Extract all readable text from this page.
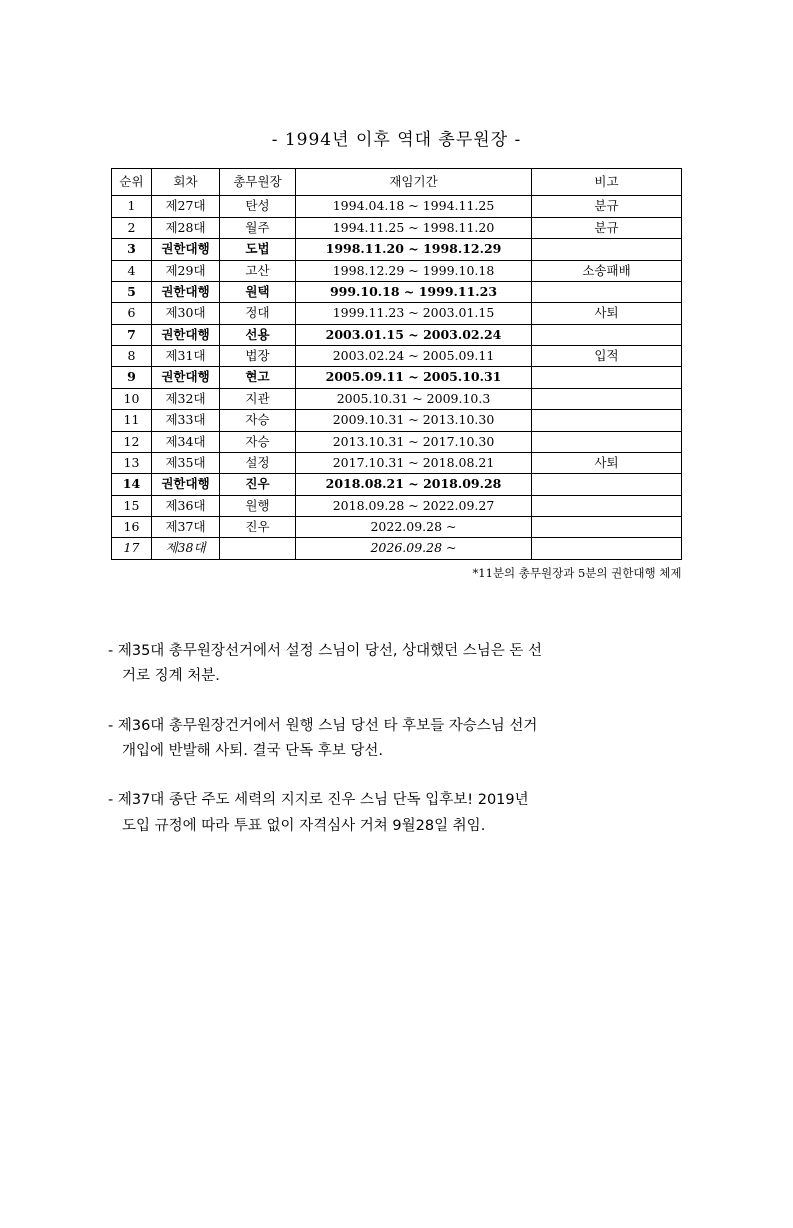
- 1994년 이후 역대 총무원장 -
순위	회차	총무원장	재임기간	비고
1	제27대	탄성	1994.04.18 ~ 1994.11.25	분규
2	제28대	월주	1994.11.25 ~ 1998.11.20	분규
3	권한대행	도법	1998.11.20 ~ 1998.12.29	
4	제29대	고산	1998.12.29 ~ 1999.10.18	소송패배
5	권한대행	원택	999.10.18 ~ 1999.11.23	
6	제30대	정대	1999.11.23 ~ 2003.01.15	사퇴
7	권한대행	선용	2003.01.15 ~ 2003.02.24	
8	제31대	법장	2003.02.24 ~ 2005.09.11	입적
9	권한대행	현고	2005.09.11 ~ 2005.10.31	
10	제32대	지관	2005.10.31 ~ 2009.10.3	
11	제33대	자승	2009.10.31 ~ 2013.10.30	
12	제34대	자승	2013.10.31 ~ 2017.10.30	
13	제35대	설정	2017.10.31 ~ 2018.08.21	사퇴
14	권한대행	진우	2018.08.21 ~ 2018.09.28	
15	제36대	원행	2018.09.28 ~ 2022.09.27	
16	제37대	진우	2022.09.28 ~	
17	제38대		2026.09.28 ~	
*11분의 총무원장과 5분의 권한대행 체제
- 제35대 총무원장선거에서 설정 스님이 당선, 상대했던 스님은 돈 선
거로 징계 처분.
- 제36대 총무원장건거에서 원행 스님 당선 타 후보들 자승스님 선거
개입에 반발해 사퇴. 결국 단독 후보 당선.
- 제37대 종단 주도 세력의 지지로 진우 스님 단독 입후보! 2019년
도입 규정에 따라 투표 없이 자격심사 거쳐 9월28일 취임.
